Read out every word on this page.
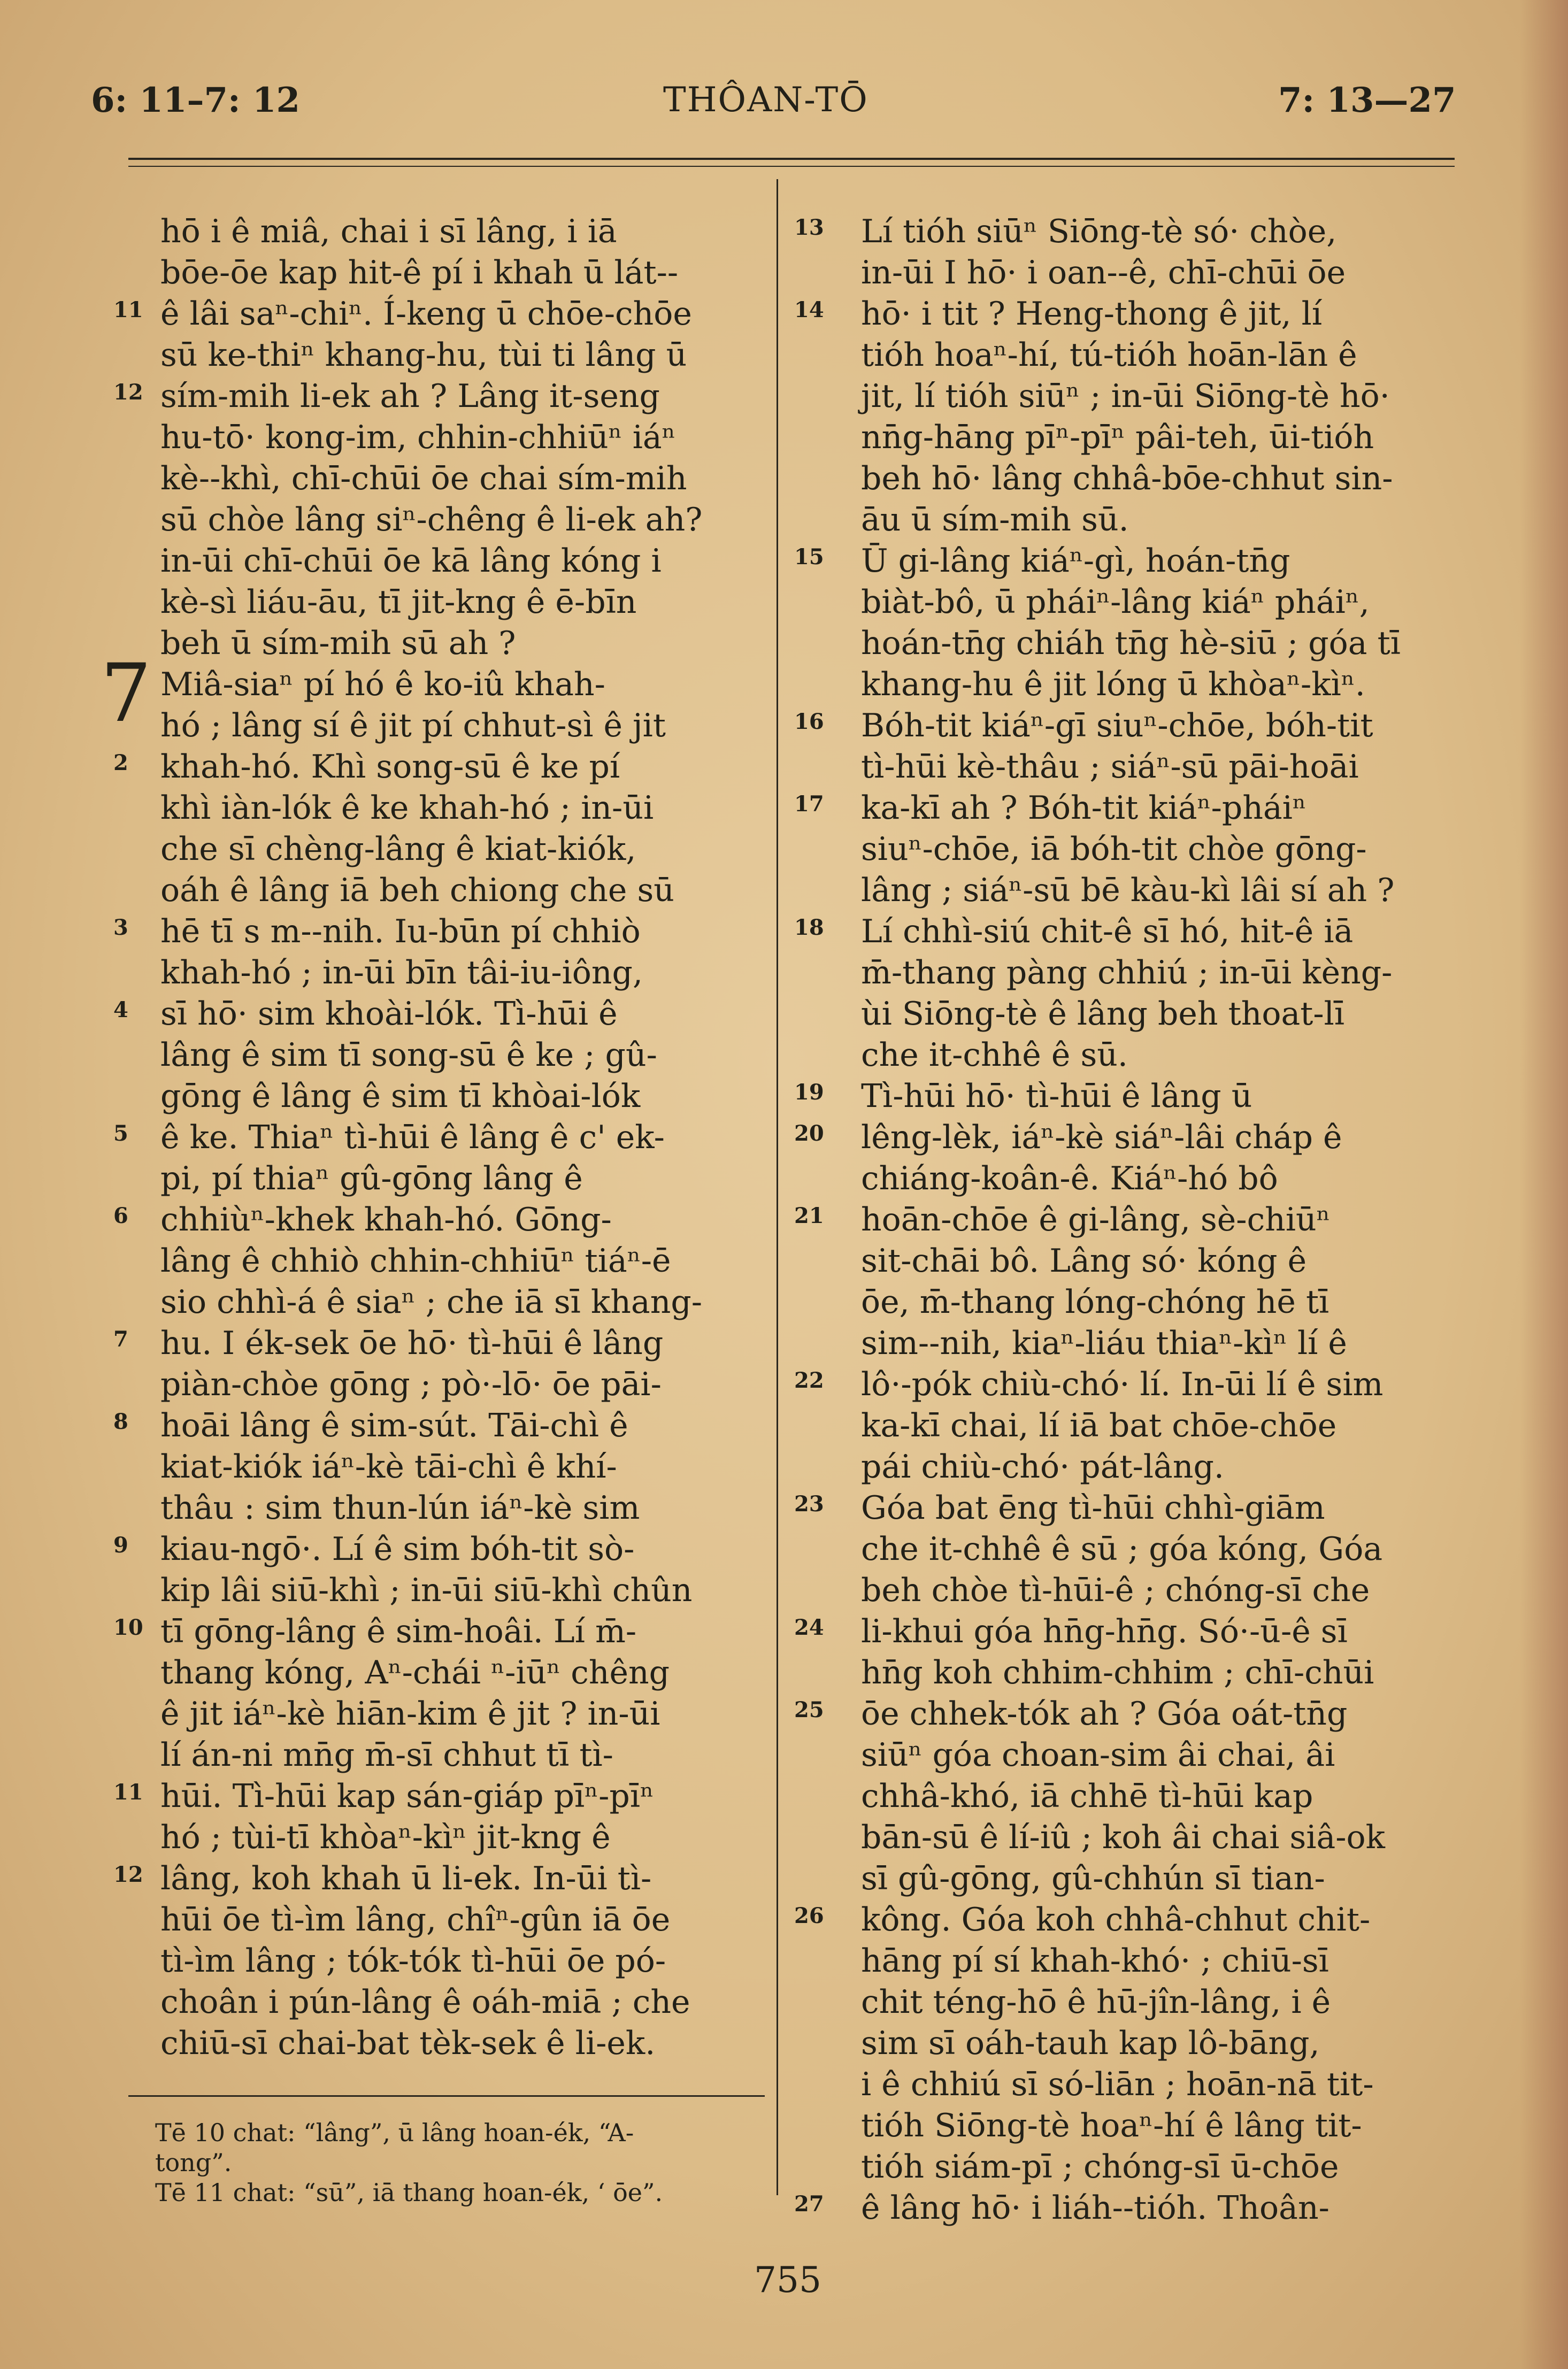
6: 11–7: 12	THÔAN-TŌ	7: 13—27
hō i ê miâ, chai i sī lâng, i iā
bōe-ōe kap hit-ê pí i khah ū lát--
11 ê lâi saⁿ-chiⁿ. Í-keng ū chōe-chōe
sū ke-thiⁿ khang-hu, tùi ti lâng ū
12 sím-mih li-ek ah ? Lâng it-seng
hu-tō· kong-im, chhin-chhiūⁿ iáⁿ
kè--khì, chī-chūi ōe chai sím-mih
sū chòe lâng siⁿ-chêng ê li-ek ah?
in-ūi chī-chūi ōe kā lâng kóng i
kè-sì liáu-āu, tī jit-kng ê ē-bīn
beh ū sím-mih sū ah ?
7 Miâ-siaⁿ pí hó ê ko-iû khah-
hó ; lâng sí ê jit pí chhut-sì ê jit
2 khah-hó. Khì song-sū ê ke pí
khì iàn-lók ê ke khah-hó ; in-ūi
che sī chèng-lâng ê kiat-kiók,
oáh ê lâng iā beh chiong che sū
3 hē tī s m--nih. Iu-būn pí chhiò
khah-hó ; in-ūi bīn tâi-iu-iông,
4 sī hō· sim khoài-lók. Tì-hūi ê
lâng ê sim tī song-sū ê ke ; gû-
gōng ê lâng ê sim tī khòai-lók
5 ê ke. Thiaⁿ tì-hūi ê lâng ê c' ek-
pi, pí thiaⁿ gû-gōng lâng ê
6 chhiùⁿ-khek khah-hó. Gōng-
lâng ê chhiò chhin-chhiūⁿ tiáⁿ-ē
sio chhì-á ê siaⁿ ; che iā sī khang-
7 hu. I ék-sek ōe hō· tì-hūi ê lâng
piàn-chòe gōng ; pò·-lō· ōe pāi-
8 hoāi lâng ê sim-sút. Tāi-chì ê
kiat-kiók iáⁿ-kè tāi-chì ê khí-
thâu : sim thun-lún iáⁿ-kè sim
9 kiau-ngō·. Lí ê sim bóh-tit sò-
kip lâi siū-khì ; in-ūi siū-khì chûn
10 tī gōng-lâng ê sim-hoâi. Lí m̄-
thang kóng, Aⁿ-chái ⁿ-iūⁿ chêng
ê jit iáⁿ-kè hiān-kim ê jit ? in-ūi
lí án-ni mn̄g m̄-sī chhut tī tì-
11 hūi. Tì-hūi kap sán-giáp pīⁿ-pīⁿ
hó ; tùi-tī khòaⁿ-kìⁿ jit-kng ê
12 lâng, koh khah ū li-ek. In-ūi tì-
hūi ōe tì-ìm lâng, chîⁿ-gûn iā ōe
tì-ìm lâng ; tók-tók tì-hūi ōe pó-
choân i pún-lâng ê oáh-miā ; che
chiū-sī chai-bat tèk-sek ê li-ek.
13 Lí tióh siūⁿ Siōng-tè só· chòe,
in-ūi I hō· i oan--ê, chī-chūi ōe
14 hō· i tit ? Heng-thong ê jit, lí
tióh hoaⁿ-hí, tú-tióh hoān-lān ê
jit, lí tióh siūⁿ ; in-ūi Siōng-tè hō·
nn̄g-hāng pīⁿ-pīⁿ pâi-teh, ūi-tióh
beh hō· lâng chhâ-bōe-chhut sin-
āu ū sím-mih sū.
15 Ū gi-lâng kiáⁿ-gì, hoán-tn̄g
biàt-bô, ū pháiⁿ-lâng kiáⁿ pháiⁿ,
hoán-tn̄g chiáh tn̄g hè-siū ; góa tī
khang-hu ê jit lóng ū khòaⁿ-kìⁿ.
16 Bóh-tit kiáⁿ-gī siuⁿ-chōe, bóh-tit
tì-hūi kè-thâu ; siáⁿ-sū pāi-hoāi
17 ka-kī ah ? Bóh-tit kiáⁿ-pháiⁿ
siuⁿ-chōe, iā bóh-tit chòe gōng-
lâng ; siáⁿ-sū bē kàu-kì lâi sí ah ?
18 Lí chhì-siú chit-ê sī hó, hit-ê iā
m̄-thang pàng chhiú ; in-ūi kèng-
ùi Siōng-tè ê lâng beh thoat-lī
che it-chhê ê sū.
19 Tì-hūi hō· tì-hūi ê lâng ū
20 lêng-lèk, iáⁿ-kè siáⁿ-lâi cháp ê
chiáng-koân-ê. Kiáⁿ-hó bô
21 hoān-chōe ê gi-lâng, sè-chiūⁿ
sit-chāi bô. Lâng só· kóng ê
ōe, m̄-thang lóng-chóng hē tī
sim--nih, kiaⁿ-liáu thiaⁿ-kìⁿ lí ê
22 lô·-pók chiù-chó· lí. In-ūi lí ê sim
ka-kī chai, lí iā bat chōe-chōe
pái chiù-chó· pát-lâng.
23 Góa bat ēng tì-hūi chhì-giām
che it-chhê ê sū ; góa kóng, Góa
beh chòe tì-hūi-ê ; chóng-sī che
24 li-khui góa hn̄g-hn̄g. Só·-ū-ê sī
hn̄g koh chhim-chhim ; chī-chūi
25 ōe chhek-tók ah ? Góa oát-tn̄g
siūⁿ góa choan-sim âi chai, âi
chhâ-khó, iā chhē tì-hūi kap
bān-sū ê lí-iû ; koh âi chai siâ-ok
sī gû-gōng, gû-chhún sī tian-
26 kông. Góa koh chhâ-chhut chit-
hāng pí sí khah-khó· ; chiū-sī
chit téng-hō ê hū-jîn-lâng, i ê
sim sī oáh-tauh kap lô-bāng,
i ê chhiú sī só-liān ; hoān-nā tit-
tióh Siōng-tè hoaⁿ-hí ê lâng tit-
tióh siám-pī ; chóng-sī ū-chōe
27 ê lâng hō· i liáh--tióh. Thoân-
Tē 10 chat: “lâng”, ū lâng hoan-ék, “A-
tong”.
Tē 11 chat: “sū”, iā thang hoan-ék, ‘ ōe”.
755
